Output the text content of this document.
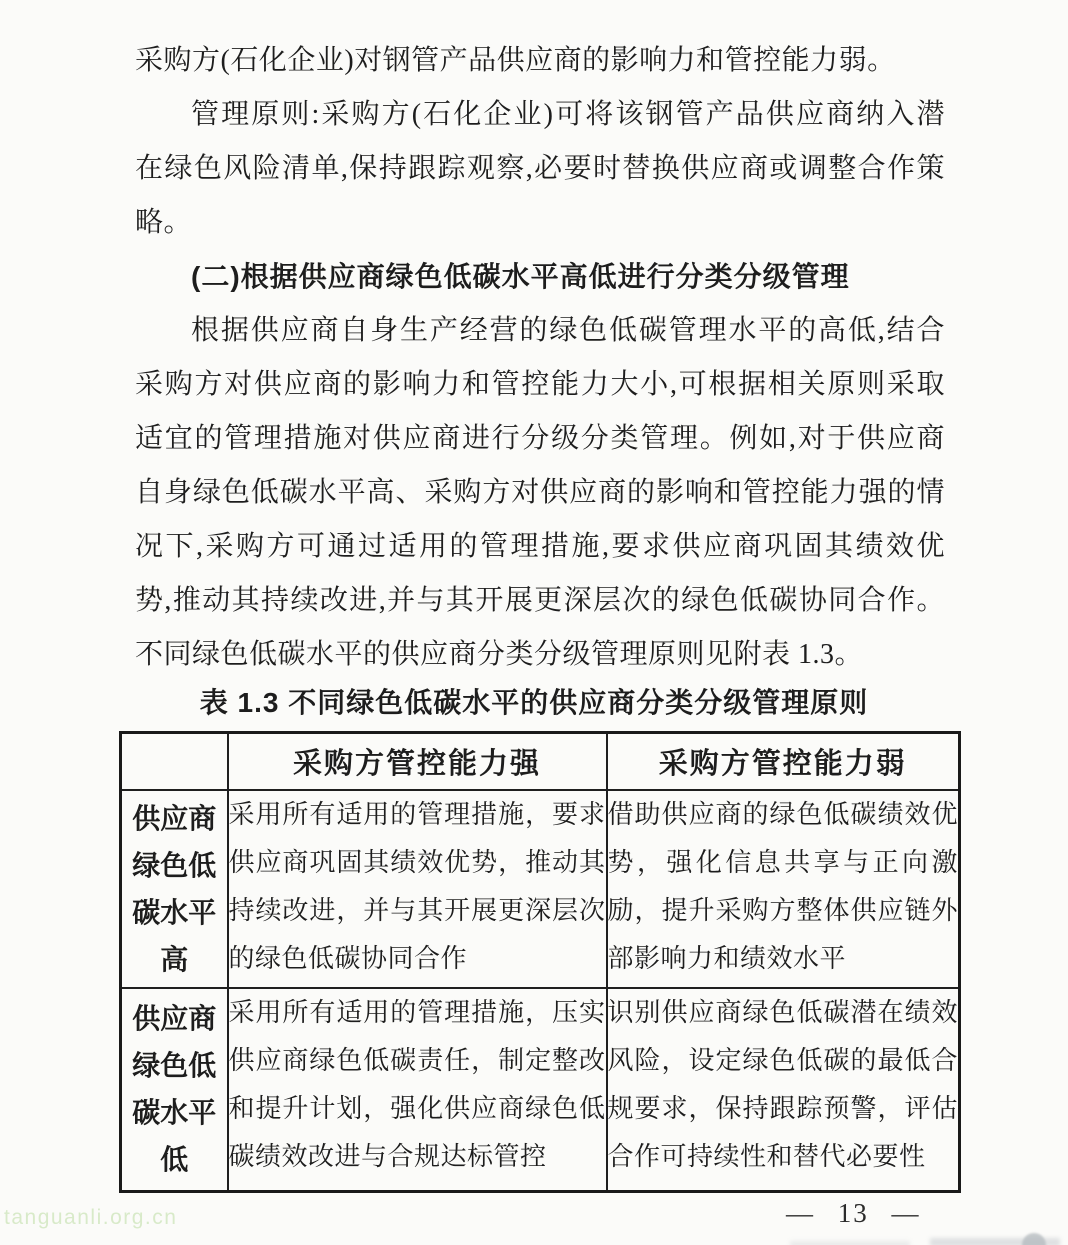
采购方(石化企业)对钢管产品供应商的影响力和管控能力弱。
管理原则:采购方(石化企业)可将该钢管产品供应商纳入潜
在绿色风险清单,保持跟踪观察,必要时替换供应商或调整合作策
略。
(二)根据供应商绿色低碳水平高低进行分类分级管理
根据供应商自身生产经营的绿色低碳管理水平的高低,结合
采购方对供应商的影响力和管控能力大小,可根据相关原则采取
适宜的管理措施对供应商进行分级分类管理。例如,对于供应商
自身绿色低碳水平高、采购方对供应商的影响和管控能力强的情
况下,采购方可通过适用的管理措施,要求供应商巩固其绩效优
势,推动其持续改进,并与其开展更深层次的绿色低碳协同合作。
不同绿色低碳水平的供应商分类分级管理原则见附表 1.3。
表 1.3 不同绿色低碳水平的供应商分类分级管理原则
	采购方管控能力强	采购方管控能力弱
供应商绿色低碳水平高	采用所有适用的管理措施，要求供应商巩固其绩效优势，推动其持续改进，并与其开展更深层次的绿色低碳协同合作	借助供应商的绿色低碳绩效优势，强化信息共享与正向激励，提升采购方整体供应链外部影响力和绩效水平
供应商绿色低碳水平低	采用所有适用的管理措施，压实供应商绿色低碳责任，制定整改和提升计划，强化供应商绿色低碳绩效改进与合规达标管控	识别供应商绿色低碳潜在绩效风险，设定绿色低碳的最低合规要求，保持跟踪预警，评估合作可持续性和替代必要性
— 13 —
tanguanli.org.cn
